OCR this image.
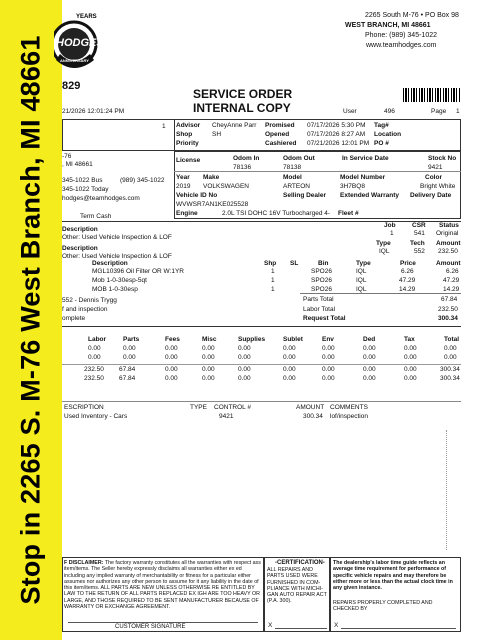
Stop in 2265 S. M-76 West Branch, MI 48661
YEARS
HODGES
ANNIVERSARY
2265 South M-76 • PO Box 98
WEST BRANCH, MI 48661
Phone: (989) 345-1022
www.teamhodges.com
829
21/2026 12:01:24 PM
SERVICE ORDER
INTERNAL COPY	User	496	Page 1
1 Advisor CheyAnne Parr
Shop	SH
Priority
Promised 07/17/2026 5:30 PM
Opened	07/17/2026 8:27 AM
Cashiered 07/21/2026 12:01 PM
Tag#
Location
PO #
-76
, MI 48661
345-1022 Bus	(989) 345-1022
345-1022 Today
hodges@teamhodges.com
Term Cash
License	Odom In
78136
Odom Out
78138
In Service Date	Stock No
9421
Year
2019
Make
VOLKSWAGEN
Model
ARTEON
Model Number
3H7BQ8
Color
Bright White
Vehicle ID No
WVWSR7AN1KE025528
Selling Dealer Extended Warranty Delivery Date
Engine	2.0L TSI DOHC 16V Turbocharged 4- Fleet #
Description
Other: Used Vehicle Inspection & LOF
Job
1
CSR
541
Status
Original
Description
Other: Used Vehicle Inspection & LOF
Type	Tech Amount
IQL	552 232.50
Description	Shp SL	Bin	Type	Price	Amount
MGL10396 Oil Filter OR W:1YR	1	SPO26	IQL	6.26	6.26
Mob 1-0-30esp-5qt	1	SPO26	IQL	47.29	47.29
MOB 1-0-30esp	1	SPO26	IQL	14.29	14.29
552 - Dennis Trygg
f and inspection
omplete
Parts Total	67.84
Labor Total	232.50
Request Total	300.34
Labor	Parts	Fees	Misc	Supplies	Sublet	Env	Ded	Tax	Total
0.00	0.00	0.00	0.00	0.00	0.00	0.00	0.00	0.00	0.00
0.00	0.00	0.00	0.00	0.00	0.00	0.00	0.00	0.00	0.00
232.50 67.84	0.00	0.00	0.00	0.00	0.00	0.00	0.00	300.34
232.50 67.84	0.00	0.00	0.00	0.00	0.00	0.00	0.00	300.34
ESCRIPTION	TYPE CONTROL #	AMOUNT COMMENTS
Used Inventory - Cars	9421	300.34 lof/inspection
F DISCLAIMER: The factory warranty constitutes all the warranties with respect ass item/items. The Seller hereby expressly disclaims all warranties either ex ed including any implied warranty of merchantability or fitness for a particular either assumes nor authorizes any other person to assume for it any liability in the date of this item/items. ALL PARTS ARE NEW UNLESS OTHERWISE RE ENTITLED BY LAW TO THE RETURN OF ALL PARTS REPLACED EX IGH ARE TOO HEAVY OR LARGE, AND THOSE REQUIRED TO BE SENT MANUFACTURER BECAUSE OF WARRANTY OR EXCHANGE AGREEMENT.
CUSTOMER SIGNATURE
-CERTIFICATION-
ALL REPAIRS AND PARTS USED WERE FURNISHED IN COM- PLIANCE WITH MICHI- GAN AUTO REPAIR ACT (P.A. 300).
X
The dealership's labor time guide reflects an average time requirement for performance of specific vehicle repairs and may therefore be either more or less than the actual clock time in any given instance.
REPAIRS PROPERLY COMPLETED AND CHECKED BY
X
